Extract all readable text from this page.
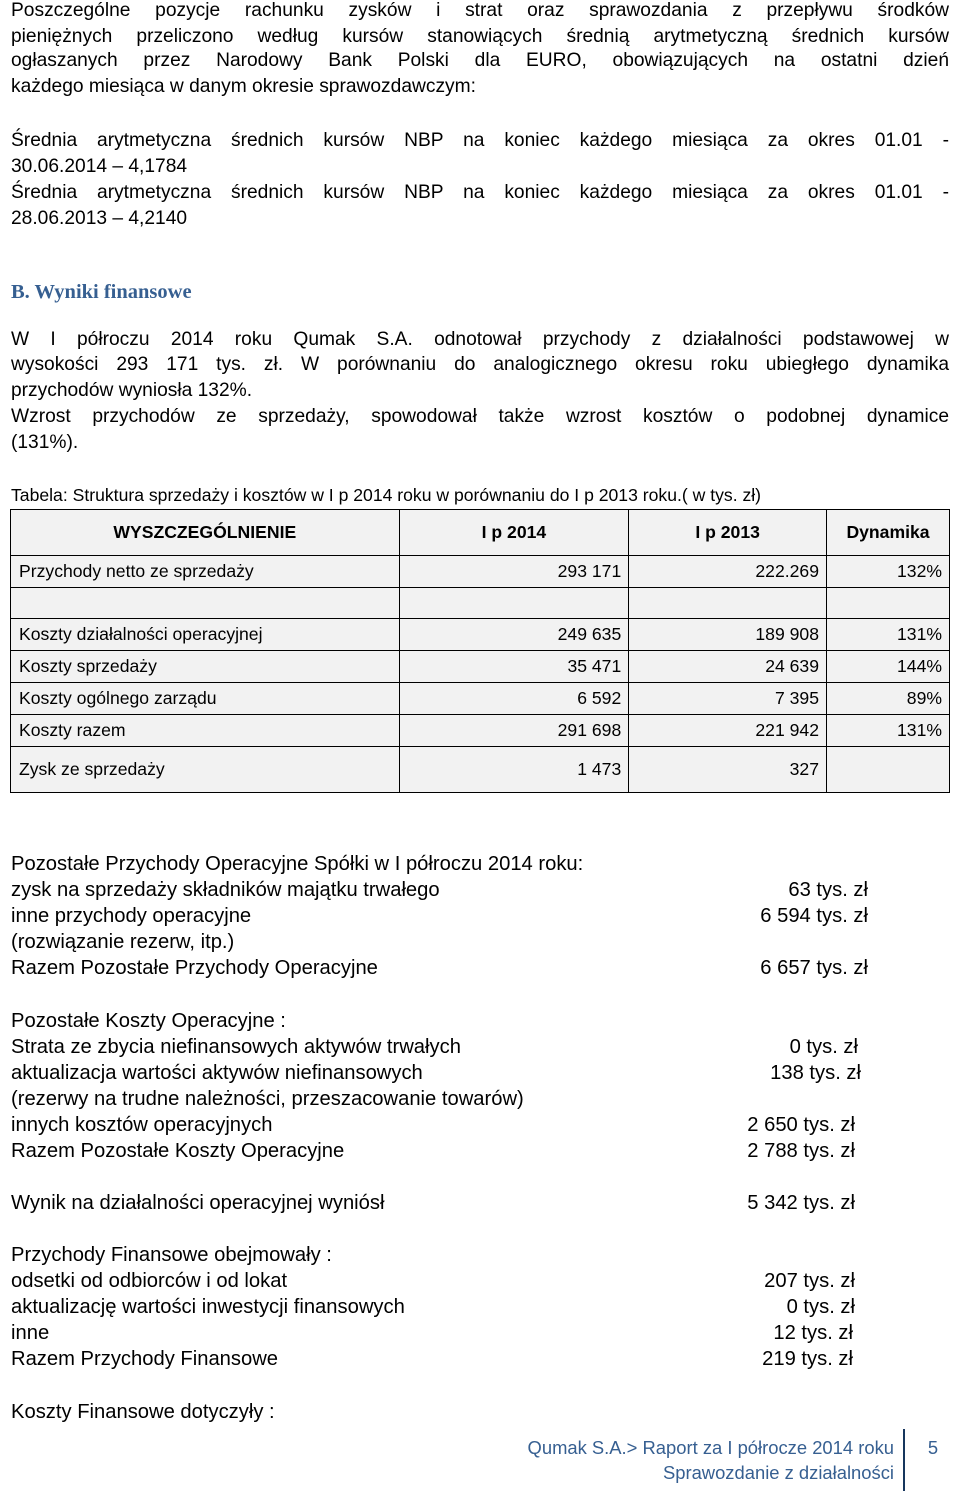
Poszczególne pozycje rachunku zysków i strat oraz sprawozdania z przepływu środków
pieniężnych przeliczono według kursów stanowiących średnią arytmetyczną średnich kursów
ogłaszanych przez Narodowy Bank Polski dla EURO, obowiązujących na ostatni dzień
każdego miesiąca w danym okresie sprawozdawczym:
Średnia arytmetyczna średnich kursów NBP na koniec każdego miesiąca za okres 01.01 -
30.06.2014 – 4,1784
Średnia arytmetyczna średnich kursów NBP na koniec każdego miesiąca za okres 01.01 -
28.06.2013 – 4,2140
B. Wyniki finansowe
W I półroczu 2014 roku Qumak S.A. odnotował przychody z działalności podstawowej w
wysokości 293 171 tys. zł. W porównaniu do analogicznego okresu roku ubiegłego dynamika
przychodów wyniosła 132%.
Wzrost przychodów ze sprzedaży, spowodował także wzrost kosztów o podobnej dynamice
(131%).
Tabela: Struktura sprzedaży i kosztów w I p 2014 roku w porównaniu do I p 2013 roku.( w tys. zł)
WYSZCZEGÓLNIENIE	I p 2014	I p 2013	Dynamika
Przychody netto ze sprzedaży	293 171	222.269	132%

Koszty działalności operacyjnej	249 635	189 908	131%
Koszty sprzedaży	35 471	24 639	144%
Koszty ogólnego zarządu	6 592	7 395	89%
Koszty razem	291 698	221 942	131%
Zysk ze sprzedaży	1 473	327	
Pozostałe Przychody Operacyjne Spółki w I półroczu 2014 roku:
zysk na sprzedaży składników majątku trwałego	63 tys. zł
inne przychody operacyjne	6 594 tys. zł
(rozwiązanie rezerw, itp.)
Razem Pozostałe Przychody Operacyjne	6 657 tys. zł
Pozostałe Koszty Operacyjne :
Strata ze zbycia niefinansowych aktywów trwałych	0 tys. zł
aktualizacja wartości aktywów niefinansowych	138 tys. zł
(rezerwy na trudne należności, przeszacowanie towarów)
innych kosztów operacyjnych	2 650 tys. zł
Razem Pozostałe Koszty Operacyjne	2 788 tys. zł
Wynik na działalności operacyjnej wyniósł	5 342 tys. zł
Przychody Finansowe obejmowały :
odsetki od odbiorców i od lokat	207 tys. zł
aktualizację wartości inwestycji finansowych	0 tys. zł
inne	12 tys. zł
Razem Przychody Finansowe	219 tys. zł
Koszty Finansowe dotyczyły :
Qumak S.A.> Raport za I półrocze 2014 roku
Sprawozdanie z działalności
5
